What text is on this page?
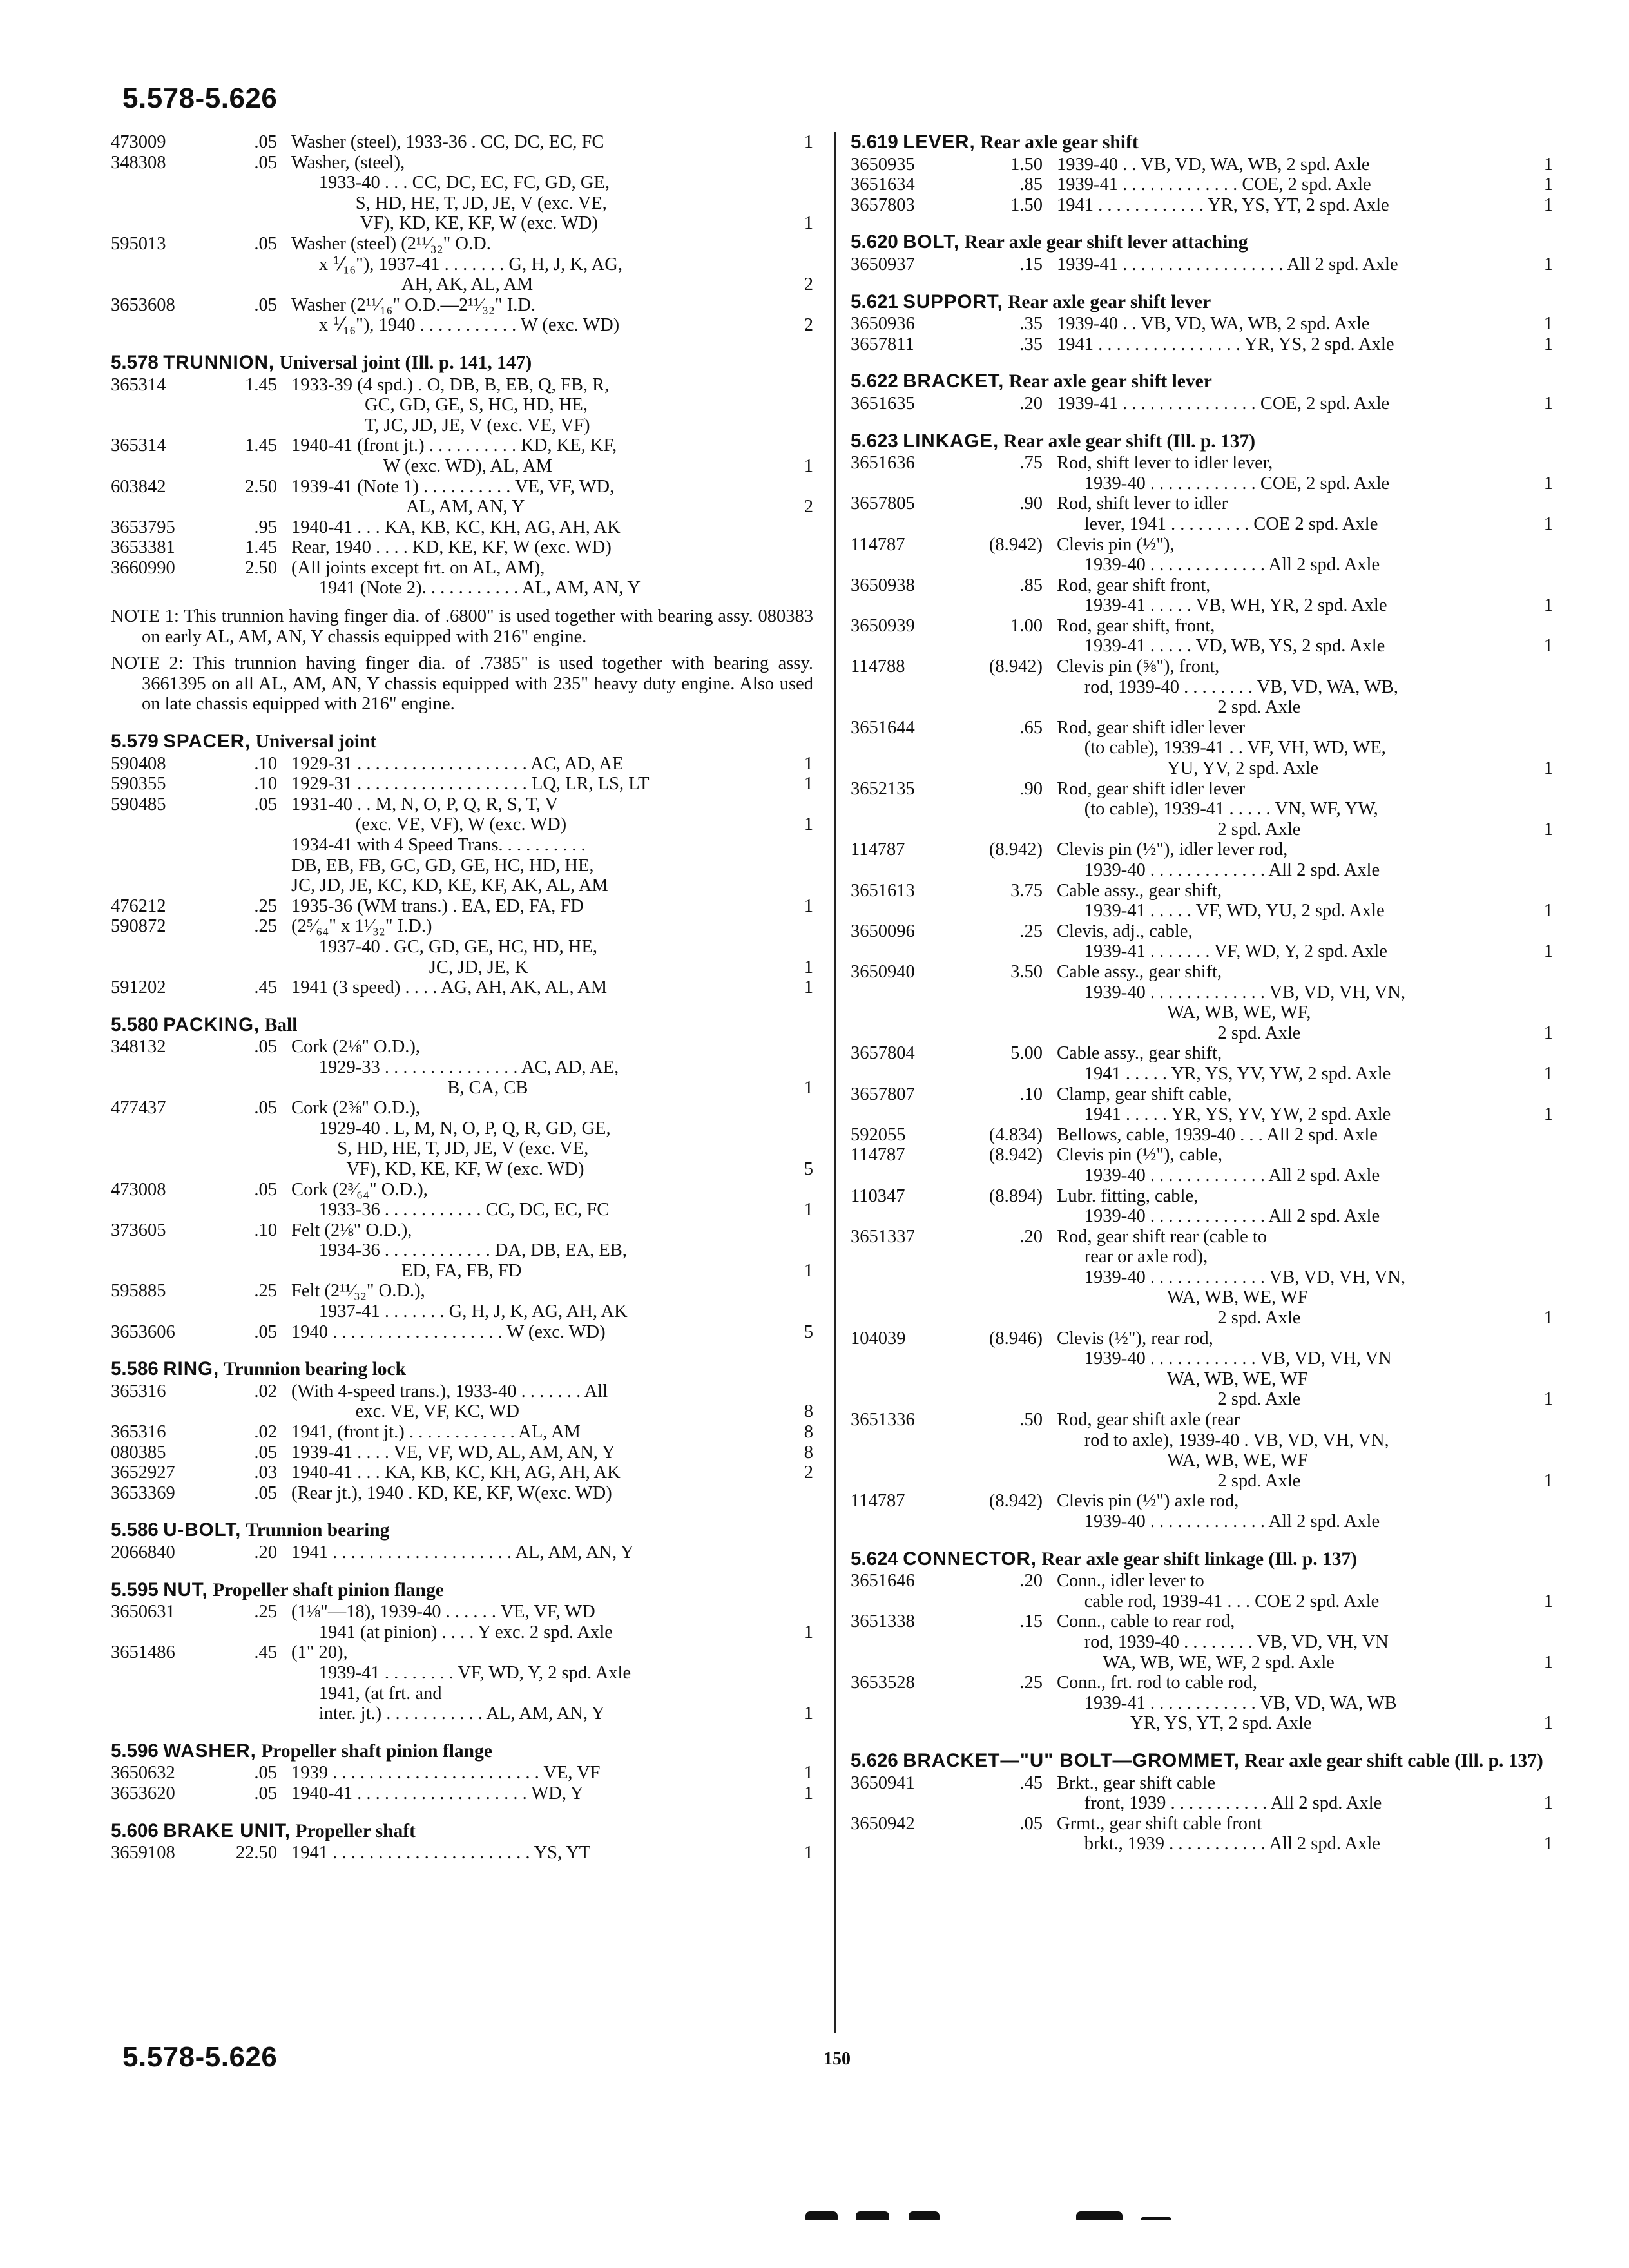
5.578-5.626
473009	.05 Washer (steel), 1933-36 . CC, DC, EC, FC	1
348308	.05 Washer, (steel),
1933-40 . . . CC, DC, EC, FC, GD, GE,
S, HD, HE, T, JD, JE, V (exc. VE,
VF), KD, KE, KF, W (exc. WD)	1
595013	.05 Washer (steel) (2¹¹⁄₃₂" O.D.
x ⅟₁₆"), 1937-41 . . . . . . . G, H, J, K, AG,
AH, AK, AL, AM	2
3653608	.05 Washer (2¹¹⁄₁₆" O.D.—2¹¹⁄₃₂" I.D.
x ⅟₁₆"), 1940 . . . . . . . . . . . W (exc. WD)	2
5.578 TRUNNION, Universal joint (Ill. p. 141, 147)
365314	1.45 1933-39 (4 spd.) . O, DB, B, EB, Q, FB, R,
GC, GD, GE, S, HC, HD, HE,
T, JC, JD, JE, V (exc. VE, VF)
365314	1.45 1940-41 (front jt.) . . . . . . . . . . KD, KE, KF,
W (exc. WD), AL, AM	1
603842	2.50 1939-41 (Note 1) . . . . . . . . . . VE, VF, WD,
AL, AM, AN, Y	2
3653795	.95 1940-41 . . . KA, KB, KC, KH, AG, AH, AK
3653381	1.45 Rear, 1940 . . . . KD, KE, KF, W (exc. WD)
3660990	2.50 (All joints except frt. on AL, AM),
1941 (Note 2). . . . . . . . . . . AL, AM, AN, Y
NOTE 1: This trunnion having finger dia. of .6800" is used together with bearing assy. 080383 on early AL, AM, AN, Y chassis equipped with 216" engine.
NOTE 2: This trunnion having finger dia. of .7385" is used together with bearing assy. 3661395 on all AL, AM, AN, Y chassis equipped with 235" heavy duty engine. Also used on late chassis equipped with 216" engine.
5.579 SPACER, Universal joint
590408	.10 1929-31 . . . . . . . . . . . . . . . . . . . AC, AD, AE	1
590355	.10 1929-31 . . . . . . . . . . . . . . . . . . . LQ, LR, LS, LT	1
590485	.05 1931-40 . . M, N, O, P, Q, R, S, T, V
(exc. VE, VF), W (exc. WD)	1
1934-41 with 4 Speed Trans. . . . . . . . . .
DB, EB, FB, GC, GD, GE, HC, HD, HE,
JC, JD, JE, KC, KD, KE, KF, AK, AL, AM
476212	.25 1935-36 (WM trans.) . EA, ED, FA, FD	1
590872	.25 (2⁵⁄₆₄" x 1¹⁄₃₂" I.D.)
1937-40 . GC, GD, GE, HC, HD, HE,
JC, JD, JE, K	1
591202	.45 1941 (3 speed) . . . . AG, AH, AK, AL, AM	1
5.580 PACKING, Ball
348132	.05 Cork (2⅛" O.D.),
1929-33 . . . . . . . . . . . . . . . AC, AD, AE,
B, CA, CB	1
477437	.05 Cork (2⅜" O.D.),
1929-40 . L, M, N, O, P, Q, R, GD, GE,
S, HD, HE, T, JD, JE, V (exc. VE,
VF), KD, KE, KF, W (exc. WD)	5
473008	.05 Cork (2³⁄₆₄" O.D.),
1933-36 . . . . . . . . . . . CC, DC, EC, FC	1
373605	.10 Felt (2⅛" O.D.),
1934-36 . . . . . . . . . . . . DA, DB, EA, EB,
ED, FA, FB, FD	1
595885	.25 Felt (2¹¹⁄₃₂" O.D.),
1937-41 . . . . . . . G, H, J, K, AG, AH, AK
3653606	.05 1940 . . . . . . . . . . . . . . . . . . . W (exc. WD)	5
5.586 RING, Trunnion bearing lock
365316	.02 (With 4-speed trans.), 1933-40 . . . . . . . All
exc. VE, VF, KC, WD	8
365316	.02 1941, (front jt.) . . . . . . . . . . . . AL, AM	8
080385	.05 1939-41 . . . . VE, VF, WD, AL, AM, AN, Y	8
3652927	.03 1940-41 . . . KA, KB, KC, KH, AG, AH, AK	2
3653369	.05 (Rear jt.), 1940 . KD, KE, KF, W(exc. WD)
5.586 U-BOLT, Trunnion bearing
2066840	.20 1941 . . . . . . . . . . . . . . . . . . . . AL, AM, AN, Y
5.595 NUT, Propeller shaft pinion flange
3650631	.25 (1⅛"—18), 1939-40 . . . . . . VE, VF, WD
1941 (at pinion) . . . . Y exc. 2 spd. Axle	1
3651486	.45 (1" 20),
1939-41 . . . . . . . . VF, WD, Y, 2 spd. Axle
1941, (at frt. and
inter. jt.) . . . . . . . . . . . AL, AM, AN, Y	1
5.596 WASHER, Propeller shaft pinion flange
3650632	.05 1939 . . . . . . . . . . . . . . . . . . . . . . . VE, VF	1
3653620	.05 1940-41 . . . . . . . . . . . . . . . . . . . WD, Y	1
5.606 BRAKE UNIT, Propeller shaft
3659108	22.50 1941 . . . . . . . . . . . . . . . . . . . . . . YS, YT	1
5.619 LEVER, Rear axle gear shift
3650935	1.50 1939-40 . . VB, VD, WA, WB, 2 spd. Axle	1
3651634	.85 1939-41 . . . . . . . . . . . . . COE, 2 spd. Axle	1
3657803	1.50 1941 . . . . . . . . . . . . YR, YS, YT, 2 spd. Axle	1
5.620 BOLT, Rear axle gear shift lever attaching
3650937	.15 1939-41 . . . . . . . . . . . . . . . . . . All 2 spd. Axle	1
5.621 SUPPORT, Rear axle gear shift lever
3650936	.35 1939-40 . . VB, VD, WA, WB, 2 spd. Axle	1
3657811	.35 1941 . . . . . . . . . . . . . . . . YR, YS, 2 spd. Axle	1
5.622 BRACKET, Rear axle gear shift lever
3651635	.20 1939-41 . . . . . . . . . . . . . . . COE, 2 spd. Axle	1
5.623 LINKAGE, Rear axle gear shift (Ill. p. 137)
3651636	.75 Rod, shift lever to idler lever,
1939-40 . . . . . . . . . . . . COE, 2 spd. Axle	1
3657805	.90 Rod, shift lever to idler
lever, 1941 . . . . . . . . . COE 2 spd. Axle	1
114787	(8.942) Clevis pin (½"),
1939-40 . . . . . . . . . . . . . All 2 spd. Axle
3650938	.85 Rod, gear shift front,
1939-41 . . . . . VB, WH, YR, 2 spd. Axle	1
3650939	1.00 Rod, gear shift, front,
1939-41 . . . . . VD, WB, YS, 2 spd. Axle	1
114788	(8.942) Clevis pin (⅝"), front,
rod, 1939-40 . . . . . . . . VB, VD, WA, WB,
2 spd. Axle
3651644	.65 Rod, gear shift idler lever
(to cable), 1939-41 . . VF, VH, WD, WE,
YU, YV, 2 spd. Axle	1
3652135	.90 Rod, gear shift idler lever
(to cable), 1939-41 . . . . . VN, WF, YW,
2 spd. Axle	1
114787	(8.942) Clevis pin (½"), idler lever rod,
1939-40 . . . . . . . . . . . . . All 2 spd. Axle
3651613	3.75 Cable assy., gear shift,
1939-41 . . . . . VF, WD, YU, 2 spd. Axle	1
3650096	.25 Clevis, adj., cable,
1939-41 . . . . . . . VF, WD, Y, 2 spd. Axle	1
3650940	3.50 Cable assy., gear shift,
1939-40 . . . . . . . . . . . . . VB, VD, VH, VN,
WA, WB, WE, WF,
2 spd. Axle	1
3657804	5.00 Cable assy., gear shift,
1941 . . . . . YR, YS, YV, YW, 2 spd. Axle	1
3657807	.10 Clamp, gear shift cable,
1941 . . . . . YR, YS, YV, YW, 2 spd. Axle	1
592055	(4.834) Bellows, cable, 1939-40 . . . All 2 spd. Axle
114787	(8.942) Clevis pin (½"), cable,
1939-40 . . . . . . . . . . . . . All 2 spd. Axle
110347	(8.894) Lubr. fitting, cable,
1939-40 . . . . . . . . . . . . . All 2 spd. Axle
3651337	.20 Rod, gear shift rear (cable to
rear or axle rod),
1939-40 . . . . . . . . . . . . . VB, VD, VH, VN,
WA, WB, WE, WF
2 spd. Axle	1
104039	(8.946) Clevis (½"), rear rod,
1939-40 . . . . . . . . . . . . VB, VD, VH, VN
WA, WB, WE, WF
2 spd. Axle	1
3651336	.50 Rod, gear shift axle (rear
rod to axle), 1939-40 . VB, VD, VH, VN,
WA, WB, WE, WF
2 spd. Axle	1
114787	(8.942) Clevis pin (½") axle rod,
1939-40 . . . . . . . . . . . . . All 2 spd. Axle
5.624 CONNECTOR, Rear axle gear shift linkage (Ill. p. 137)
3651646	.20 Conn., idler lever to
cable rod, 1939-41 . . . COE 2 spd. Axle	1
3651338	.15 Conn., cable to rear rod,
rod, 1939-40 . . . . . . . . VB, VD, VH, VN
WA, WB, WE, WF, 2 spd. Axle	1
3653528	.25 Conn., frt. rod to cable rod,
1939-41 . . . . . . . . . . . . VB, VD, WA, WB
YR, YS, YT, 2 spd. Axle	1
5.626 BRACKET—"U" BOLT—GROMMET, Rear axle gear shift cable (Ill. p. 137)
3650941	.45 Brkt., gear shift cable
front, 1939 . . . . . . . . . . . All 2 spd. Axle	1
3650942	.05 Grmt., gear shift cable front
brkt., 1939 . . . . . . . . . . . All 2 spd. Axle	1
5.578-5.626	150
